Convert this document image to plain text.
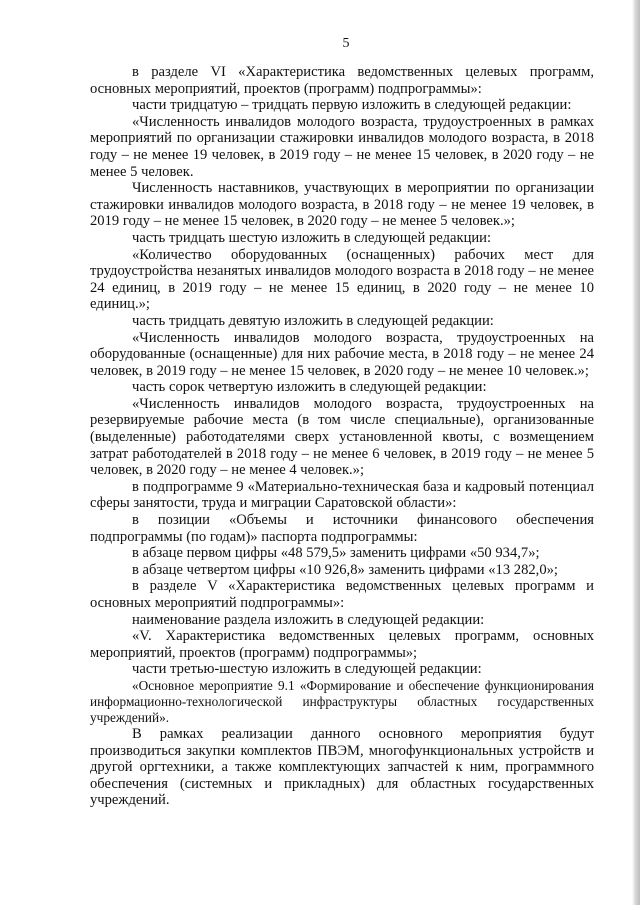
5

в разделе VI «Характеристика ведомственных целевых программ, основных мероприятий, проектов (программ) подпрограммы»:

части тридцатую – тридцать первую изложить в следующей редакции:

«Численность инвалидов молодого возраста, трудоустроенных в рамках мероприятий по организации стажировки инвалидов молодого возраста, в 2018 году – не менее 19 человек, в 2019 году – не менее 15 человек, в 2020 году – не менее 5 человек.

Численность наставников, участвующих в мероприятии по организации стажировки инвалидов молодого возраста, в 2018 году – не менее 19 человек, в 2019 году – не менее 15 человек, в 2020 году – не менее 5 человек.»;

часть тридцать шестую изложить в следующей редакции:

«Количество оборудованных (оснащенных) рабочих мест для трудоустройства незанятых инвалидов молодого возраста в 2018 году – не менее 24 единиц, в 2019 году – не менее 15 единиц, в 2020 году – не менее 10 единиц.»;

часть тридцать девятую изложить в следующей редакции:

«Численность инвалидов молодого возраста, трудоустроенных на оборудованные (оснащенные) для них рабочие места, в 2018 году – не менее 24 человек, в 2019 году – не менее 15 человек, в 2020 году – не менее 10 человек.»;

часть сорок четвертую изложить в следующей редакции:

«Численность инвалидов молодого возраста, трудоустроенных на резервируемые рабочие места (в том числе специальные), организованные (выделенные) работодателями сверх установленной квоты, с возмещением затрат работодателей в 2018 году – не менее 6 человек, в 2019 году – не менее 5 человек, в 2020 году – не менее 4 человек.»;

в подпрограмме 9 «Материально-техническая база и кадровый потенциал сферы занятости, труда и миграции Саратовской области»:

в позиции «Объемы и источники финансового обеспечения подпрограммы (по годам)» паспорта подпрограммы:

в абзаце первом цифры «48 579,5» заменить цифрами «50 934,7»;

в абзаце четвертом цифры «10 926,8» заменить цифрами «13 282,0»;

в разделе V «Характеристика ведомственных целевых программ и основных мероприятий подпрограммы»:

наименование раздела изложить в следующей редакции:

«V. Характеристика ведомственных целевых программ, основных мероприятий, проектов (программ) подпрограммы»;

части третью-шестую изложить в следующей редакции:

«Основное мероприятие 9.1 «Формирование и обеспечение функционирования информационно-технологической инфраструктуры областных государственных учреждений».

В рамках реализации данного основного мероприятия будут производиться закупки комплектов ПВЭМ, многофункциональных устройств и другой оргтехники, а также комплектующих запчастей к ним, программного обеспечения (системных и прикладных) для областных государственных учреждений.
